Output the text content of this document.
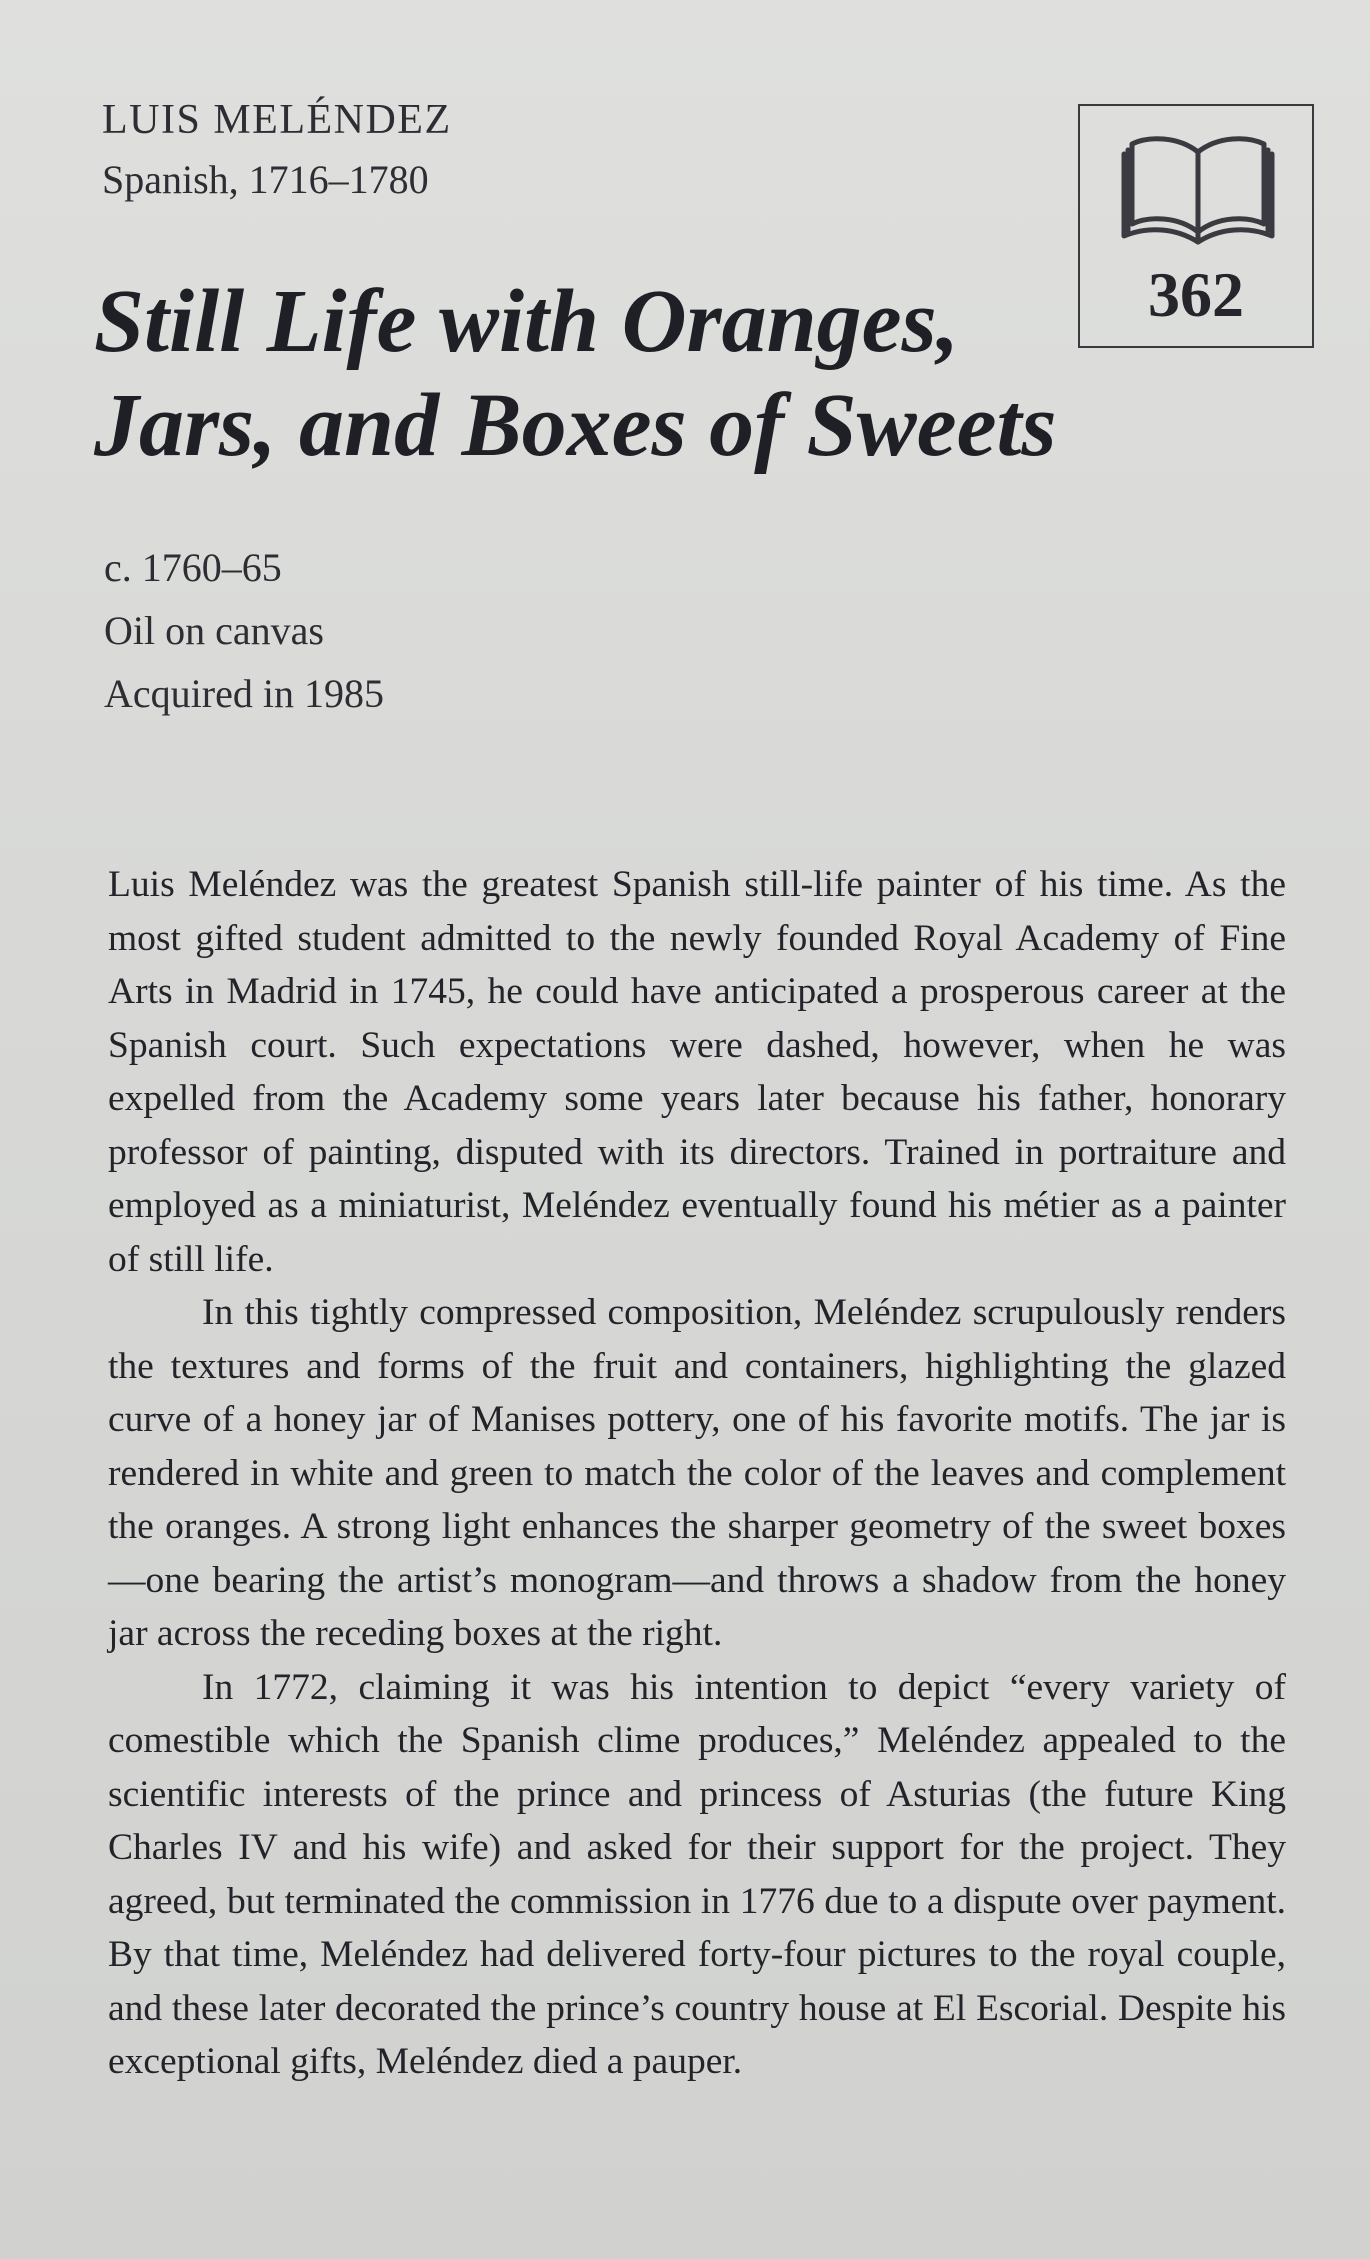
LUIS MELÉNDEZ
Spanish, 1716–1780
362
Still Life with Oranges, Jars, and Boxes of Sweets
c. 1760–65
Oil on canvas
Acquired in 1985

Luis Meléndez was the greatest Spanish still-life painter of his time. As the most gifted student admitted to the newly founded Royal Academy of Fine Arts in Madrid in 1745, he could have anticipated a prosperous career at the Spanish court. Such expectations were dashed, however, when he was expelled from the Academy some years later because his father, honorary professor of painting, disputed with its directors. Trained in portraiture and employed as a miniaturist, Meléndez eventually found his métier as a painter of still life.

In this tightly compressed composition, Meléndez scrupulously renders the textures and forms of the fruit and containers, highlighting the glazed curve of a honey jar of Manises pottery, one of his favorite motifs. The jar is rendered in white and green to match the color of the leaves and complement the oranges. A strong light enhances the sharper geometry of the sweet boxes—one bearing the artist’s monogram—and throws a shadow from the honey jar across the receding boxes at the right.

In 1772, claiming it was his intention to depict “every variety of comestible which the Spanish clime produces,” Meléndez appealed to the scientific interests of the prince and princess of Asturias (the future King Charles IV and his wife) and asked for their support for the project. They agreed, but terminated the commission in 1776 due to a dispute over payment. By that time, Meléndez had delivered forty-four pictures to the royal couple, and these later decorated the prince’s country house at El Escorial. Despite his exceptional gifts, Meléndez died a pauper.
